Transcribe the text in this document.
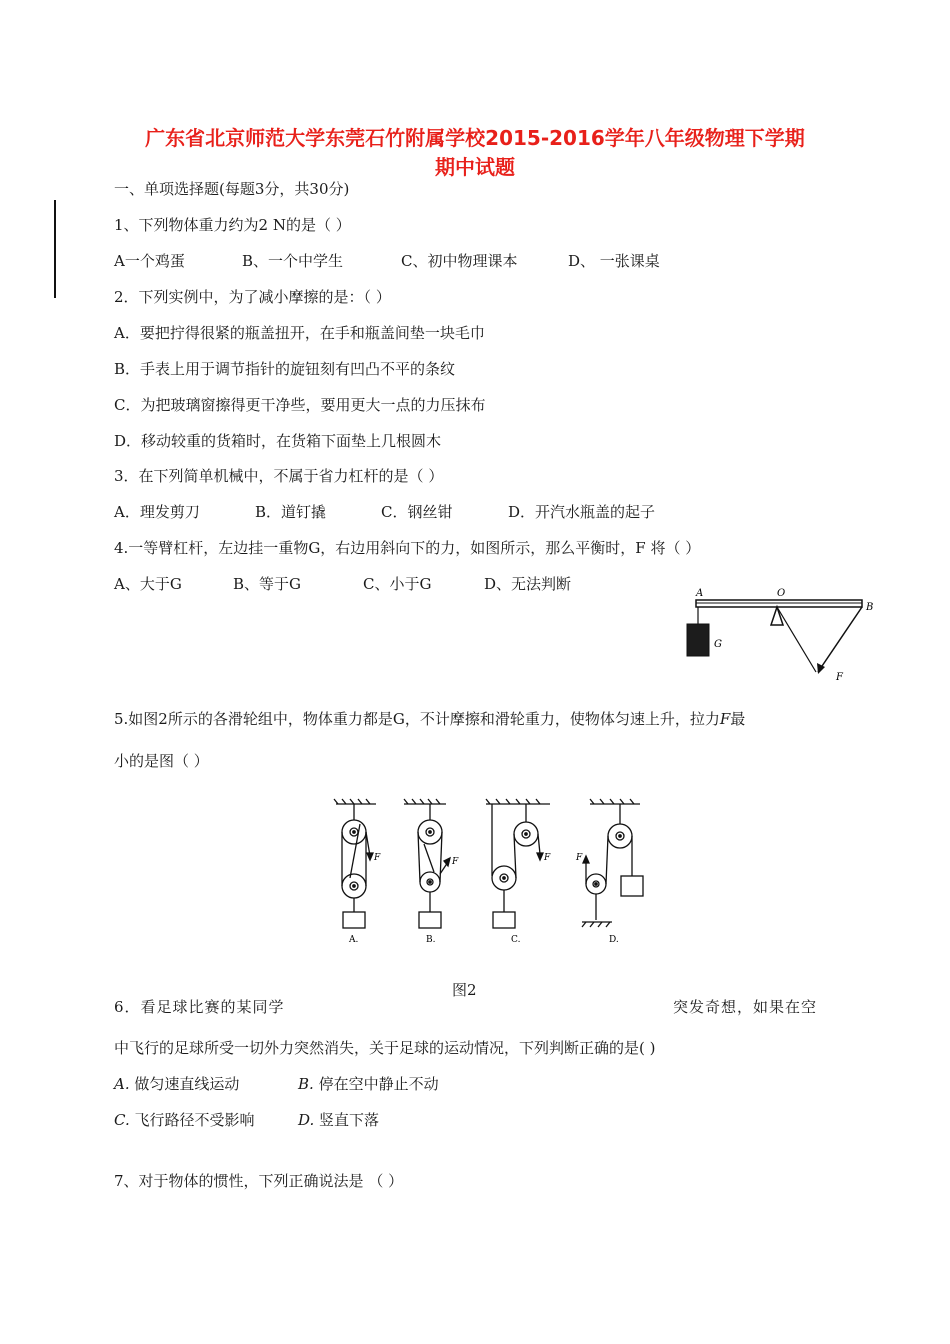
广东省北京师范大学东莞石竹附属学校2015-2016学年八年级物理下学期
期中试题
一、单项选择题(每题3分，共30分)
1、下列物体重力约为2 N的是（ ）
A一个鸡蛋	B、一个中学生	C、初中物理课本	D、 一张课桌
2．下列实例中，为了减小摩擦的是：（ ）
A．要把拧得很紧的瓶盖扭开，在手和瓶盖间垫一块毛巾
B．手表上用于调节指针的旋钮刻有凹凸不平的条纹
C．为把玻璃窗擦得更干净些，要用更大一点的力压抹布
D．移动较重的货箱时，在货箱下面垫上几根圆木
3．在下列简单机械中，不属于省力杠杆的是（ ）
A．理发剪刀	B．道钉撬	C．钢丝钳	D．开汽水瓶盖的起子
4.一等臂杠杆，左边挂一重物G，右边用斜向下的力，如图所示，那么平衡时，F 将（ ）
A、大于G	B、等于G	C、小于G	D、无法判断
A	O
B
G
F
5.如图2所示的各滑轮组中，物体重力都是G，不计摩擦和滑轮重力，使物体匀速上升，拉力F最
小的是图（ ）
F	F	F	F
A.	B.	C.	D.
图2
6．看足球比赛的某同学	突发奇想，如果在空
中飞行的足球所受一切外力突然消失，关于足球的运动情况，下列判断正确的是( )
A. 做匀速直线运动	B. 停在空中静止不动
C. 飞行路径不受影响	D. 竖直下落
7、对于物体的惯性，下列正确说法是 （ ）
